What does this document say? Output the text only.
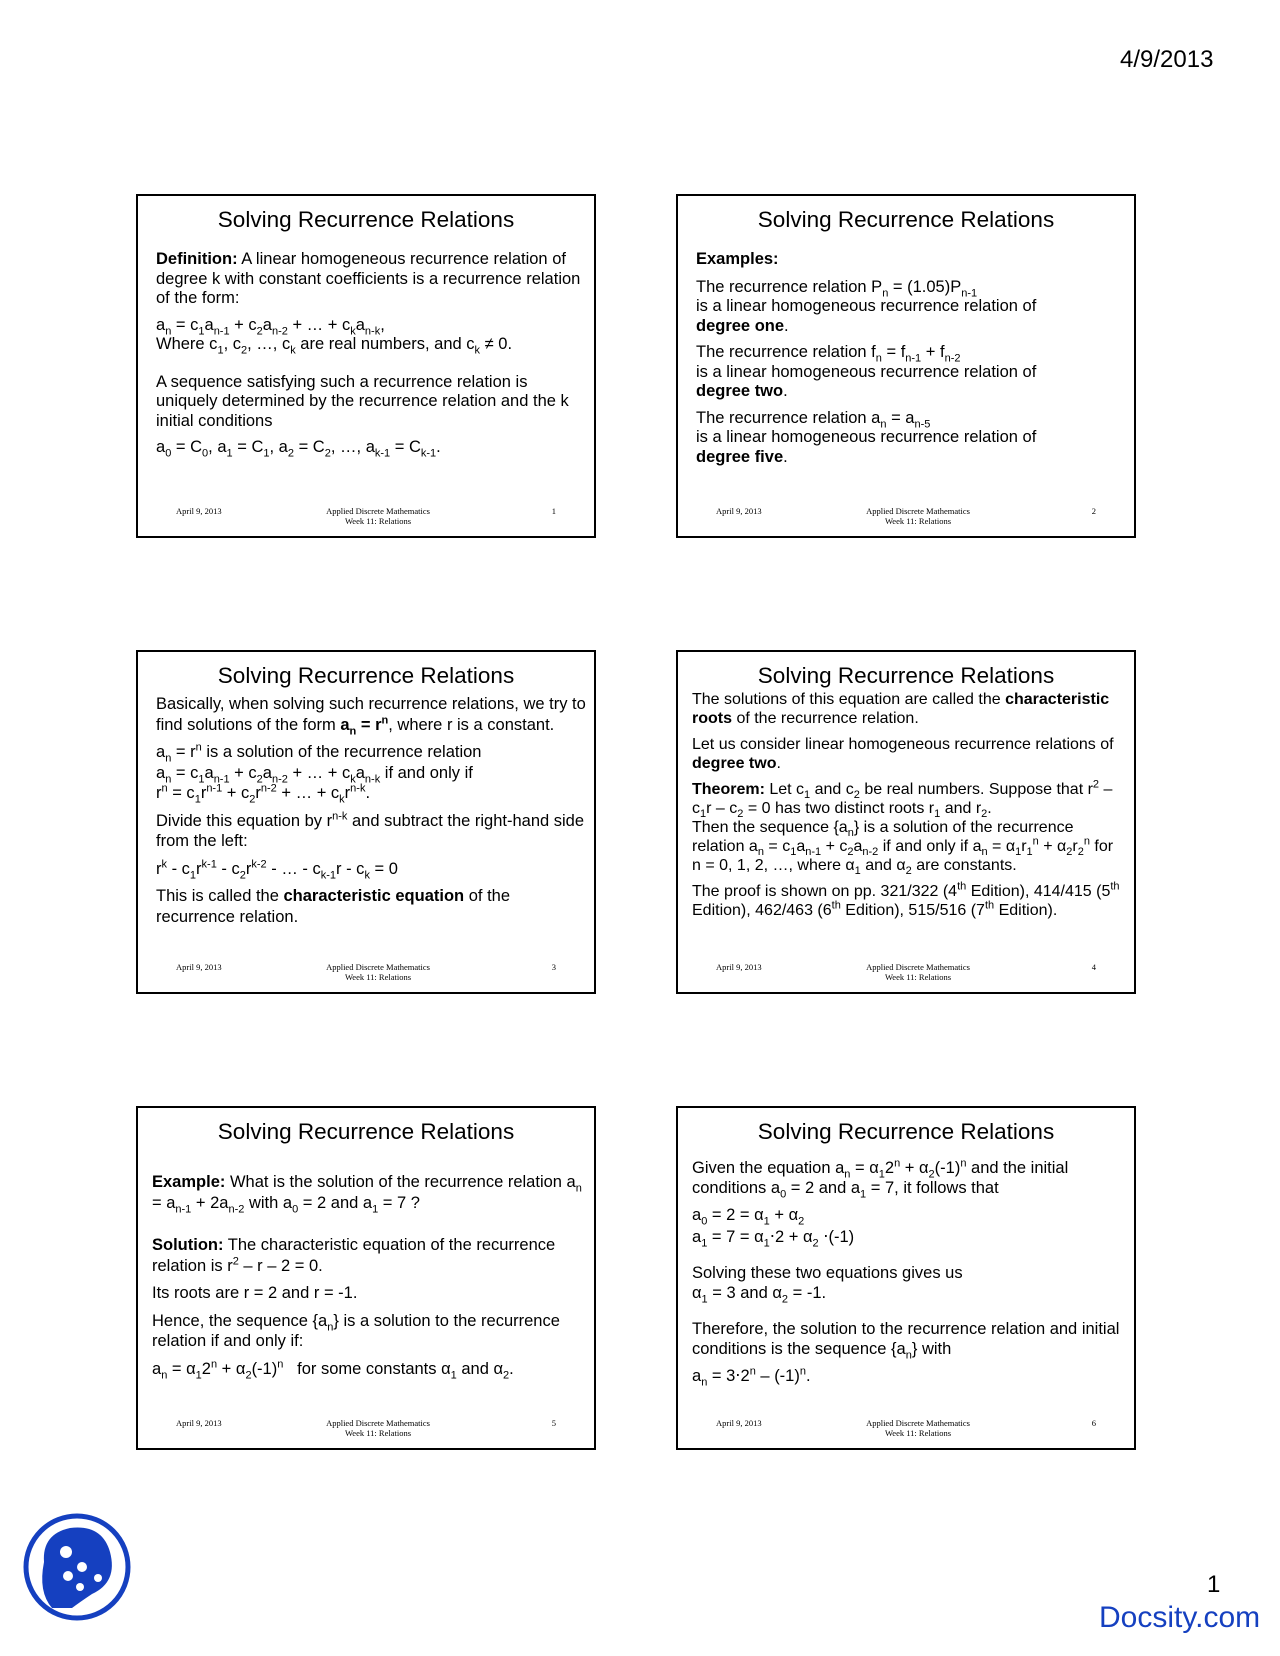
4/9/2013
Solving Recurrence Relations

Definition: A linear homogeneous recurrence relation of degree k with constant coefficients is a recurrence relation of the form:

$a_n = c_1a_{n-1} + c_2a_{n-2}$ + … + $c_ka_{n-k}$,
Where $c_1$, $c_2$, …, $c_k$ are real numbers, and $c_k \ne 0$.

A sequence satisfying such a recurrence relation is uniquely determined by the recurrence relation and the k initial conditions

$a_0 = C_0$, $a_1 = C_1$, $a_2 = C_2$, …, $a_{k-1} = C_{k-1}$.

April 9, 2013	Applied Discrete Mathematics
Week 11: Relations
1
Solving Recurrence Relations

Examples:

The recurrence relation $P_n = (1.05)P_{n-1}$
is a linear homogeneous recurrence relation of
degree one.

The recurrence relation $f_n = f_{n-1} + f_{n-2}$
is a linear homogeneous recurrence relation of
degree two.

The recurrence relation $a_n = a_{n-5}$
is a linear homogeneous recurrence relation of
degree five.

April 9, 2013	Applied Discrete Mathematics
Week 11: Relations
2
Solving Recurrence Relations

Basically, when solving such recurrence relations, we try to find solutions of the form $a_n = r^n$, where r is a constant.

$a_n = r^n$ is a solution of the recurrence relation
$a_n = c_1a_{n-1} + c_2a_{n-2}$ + … + $c_ka_{n-k}$ if and only if
$r^n = c_1r^{n-1} + c_2r^{n-2}$ + … + $c_kr^{n-k}$.

Divide this equation by $r^{n-k}$ and subtract the right-hand side from the left:

$r^k - c_1r^{k-1} - c_2r^{k-2}$ - … - $c_{k-1}r - c_k = 0$

This is called the characteristic equation of the recurrence relation.

April 9, 2013	Applied Discrete Mathematics
Week 11: Relations
3
Solving Recurrence Relations

The solutions of this equation are called the characteristic roots of the recurrence relation.

Let us consider linear homogeneous recurrence relations of degree two.

Theorem: Let $c_1$ and $c_2$ be real numbers. Suppose that $r^2 - c_1r - c_2 = 0$ has two distinct roots $r_1$ and $r_2$.
Then the sequence $\{a_n\}$ is a solution of the recurrence relation $a_n = c_1a_{n-1} + c_2a_{n-2}$ if and only if $a_n = \alpha_1r_1^n + \alpha_2r_2^n$ for n = 0, 1, 2, …, where $\alpha_1$ and $\alpha_2$ are constants.

The proof is shown on pp. 321/322 (4th Edition), 414/415 (5th Edition), 462/463 (6th Edition), 515/516 (7th Edition).

April 9, 2013	Applied Discrete Mathematics
Week 11: Relations
4
Solving Recurrence Relations

Example: What is the solution of the recurrence relation $a_n = a_{n-1} + 2a_{n-2}$ with $a_0 = 2$ and $a_1 = 7$ ?

Solution: The characteristic equation of the recurrence relation is $r^2 - r - 2 = 0$.

Its roots are r = 2 and r = -1.

Hence, the sequence $\{a_n\}$ is a solution to the recurrence relation if and only if:

$a_n = \alpha_12^n + \alpha_2(-1)^n$   for some constants $\alpha_1$ and $\alpha_2$.

April 9, 2013	Applied Discrete Mathematics
Week 11: Relations
5
Solving Recurrence Relations

Given the equation $a_n = \alpha_12^n + \alpha_2(-1)^n$ and the initial conditions $a_0 = 2$ and $a_1 = 7$, it follows that

$a_0 = 2 = \alpha_1 + \alpha_2$

$a_1 = 7 = \alpha_1\cdot 2 + \alpha_2 \cdot(-1)$

Solving these two equations gives us
$\alpha_1 = 3$ and $\alpha_2 = -1$.

Therefore, the solution to the recurrence relation and initial conditions is the sequence $\{a_n\}$ with

$a_n = 3\cdot 2^n - (-1)^n$.

April 9, 2013	Applied Discrete Mathematics
Week 11: Relations
6
1
Docsity.com
